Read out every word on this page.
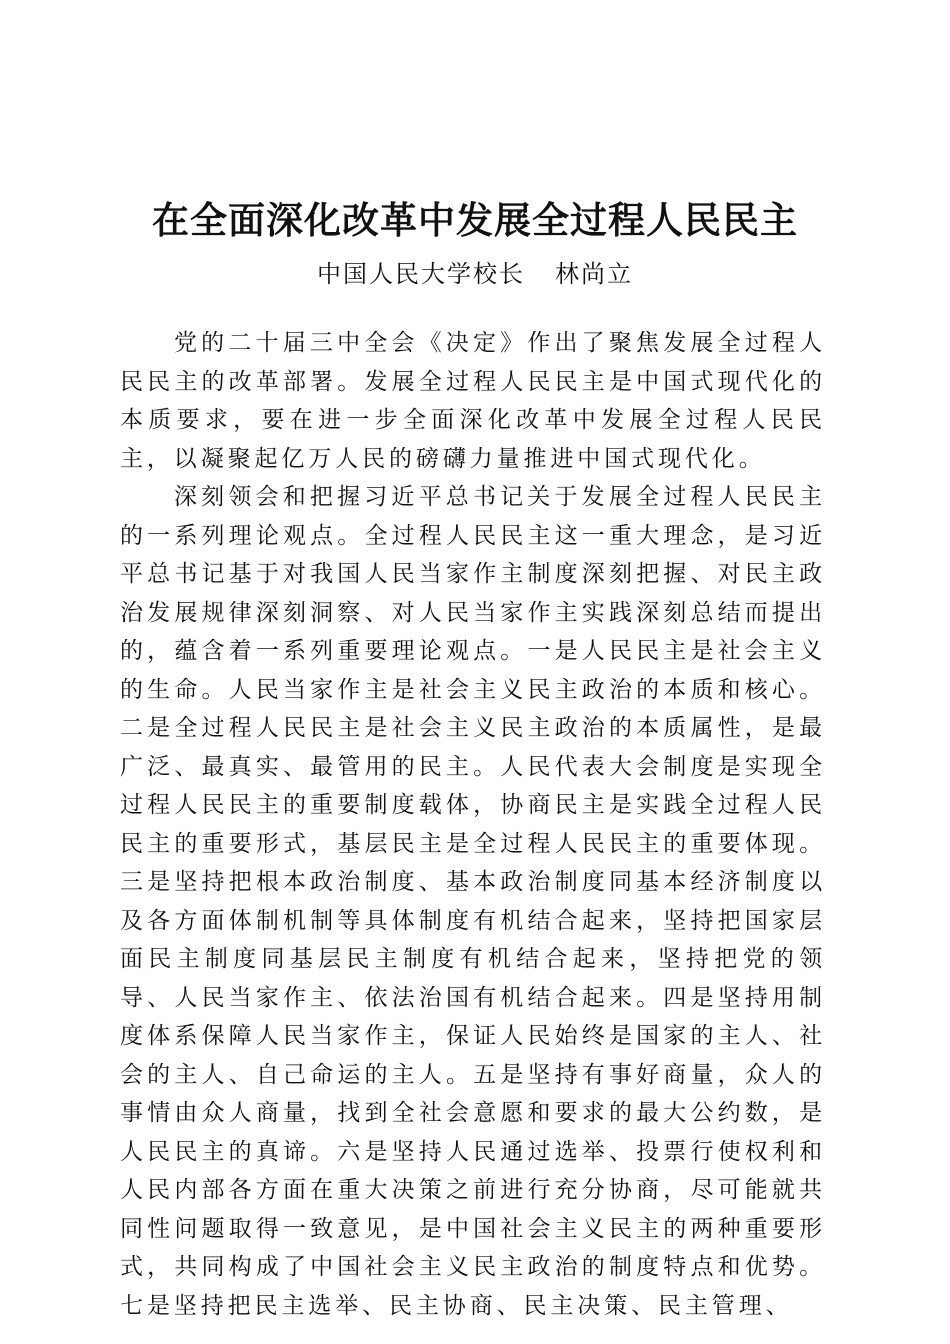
在全面深化改革中发展全过程人民民主
中国人民大学校长 林尚立

党的二十届三中全会《决定》作出了聚焦发展全过程人民民主的改革部署。发展全过程人民民主是中国式现代化的本质要求，要在进一步全面深化改革中发展全过程人民民主，以凝聚起亿万人民的磅礴力量推进中国式现代化。

深刻领会和把握习近平总书记关于发展全过程人民民主的一系列理论观点。全过程人民民主这一重大理念，是习近平总书记基于对我国人民当家作主制度深刻把握、对民主政治发展规律深刻洞察、对人民当家作主实践深刻总结而提出的，蕴含着一系列重要理论观点。一是人民民主是社会主义的生命。人民当家作主是社会主义民主政治的本质和核心。二是全过程人民民主是社会主义民主政治的本质属性，是最广泛、最真实、最管用的民主。人民代表大会制度是实现全过程人民民主的重要制度载体，协商民主是实践全过程人民民主的重要形式，基层民主是全过程人民民主的重要体现。三是坚持把根本政治制度、基本政治制度同基本经济制度以及各方面体制机制等具体制度有机结合起来，坚持把国家层面民主制度同基层民主制度有机结合起来，坚持把党的领导、人民当家作主、依法治国有机结合起来。四是坚持用制度体系保障人民当家作主，保证人民始终是国家的主人、社会的主人、自己命运的主人。五是坚持有事好商量，众人的事情由众人商量，找到全社会意愿和要求的最大公约数，是人民民主的真谛。六是坚持人民通过选举、投票行使权利和人民内部各方面在重大决策之前进行充分协商，尽可能就共同性问题取得一致意见，是中国社会主义民主的两种重要形式，共同构成了中国社会主义民主政治的制度特点和优势。七是坚持把民主选举、民主协商、民主决策、民主管理、
